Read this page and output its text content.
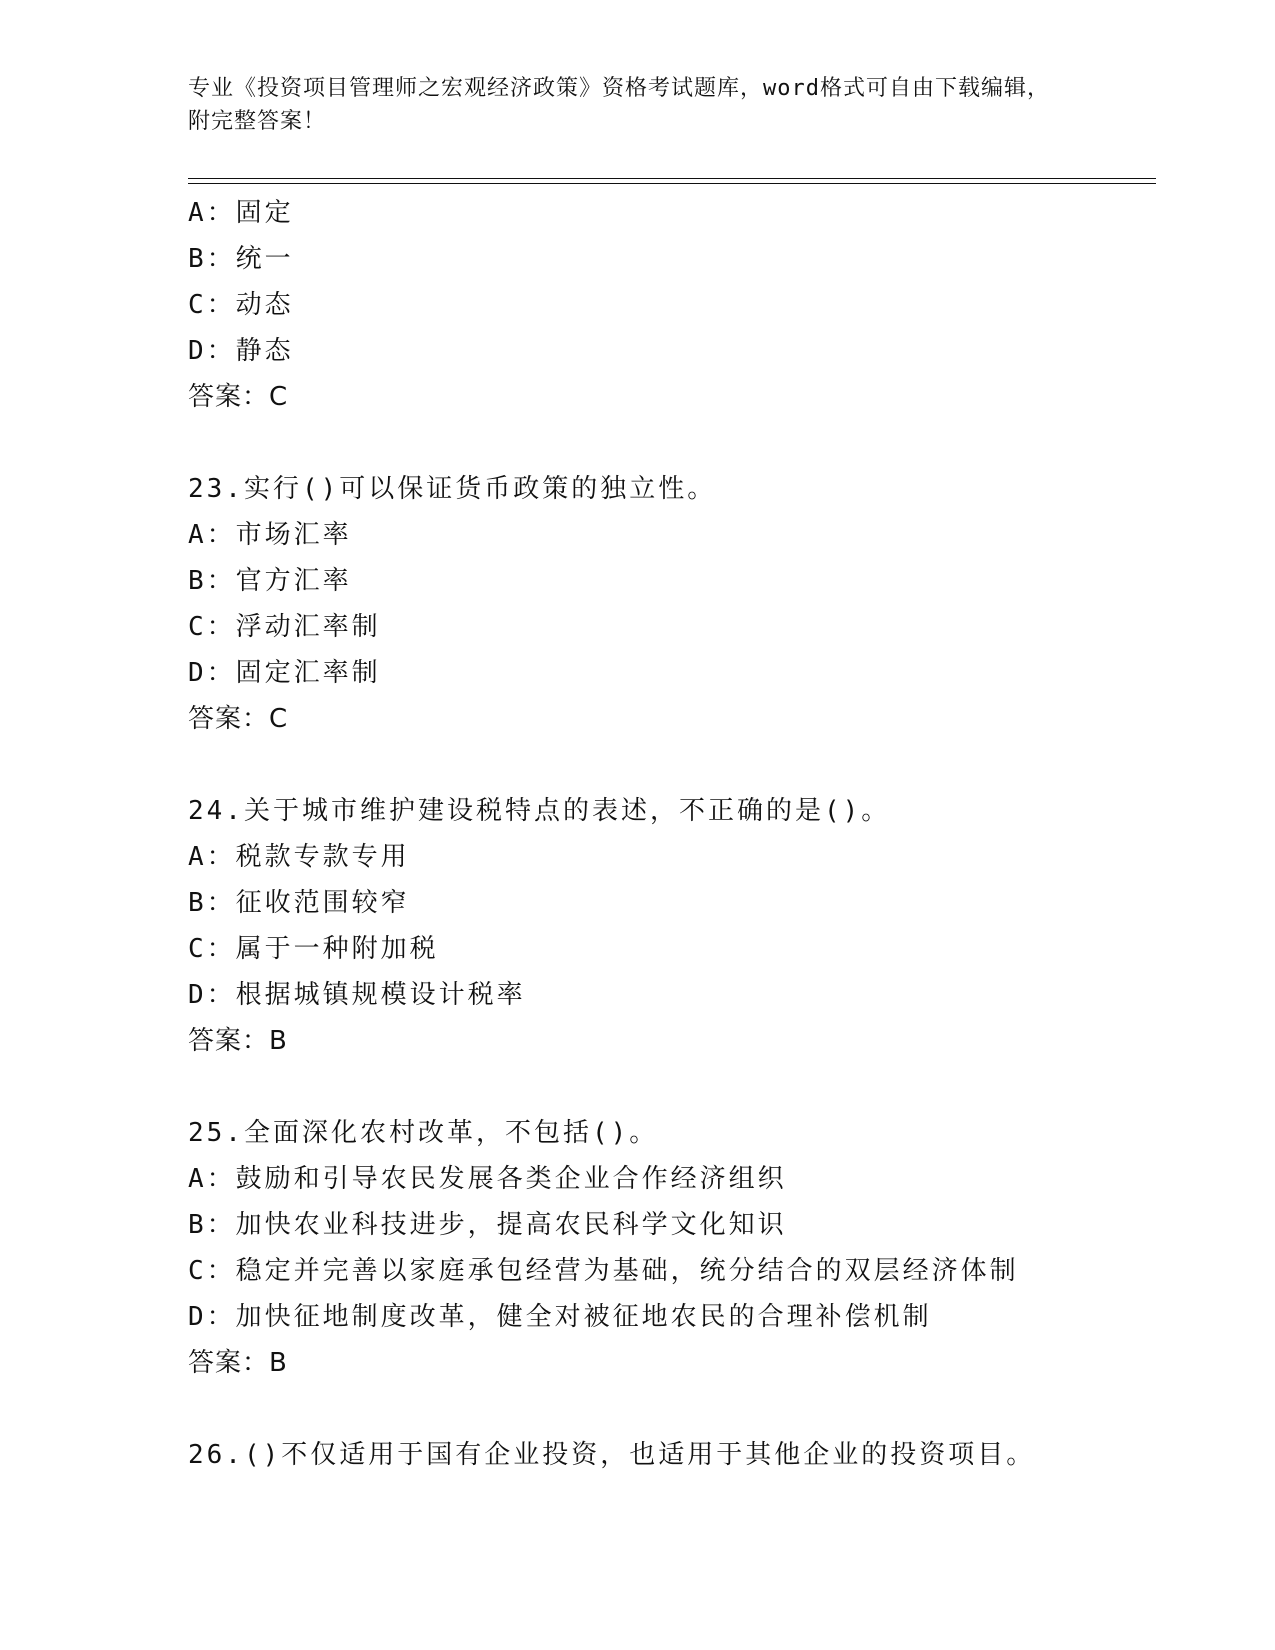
专业《投资项目管理师之宏观经济政策》资格考试题库，word格式可自由下载编辑，附完整答案！
A：固定
B：统一
C：动态
D：静态
答案：C
23.实行()可以保证货币政策的独立性。
A：市场汇率
B：官方汇率
C：浮动汇率制
D：固定汇率制
答案：C
24.关于城市维护建设税特点的表述，不正确的是()。
A：税款专款专用
B：征收范围较窄
C：属于一种附加税
D：根据城镇规模设计税率
答案：B
25.全面深化农村改革，不包括()。
A：鼓励和引导农民发展各类企业合作经济组织
B：加快农业科技进步，提高农民科学文化知识
C：稳定并完善以家庭承包经营为基础，统分结合的双层经济体制
D：加快征地制度改革，健全对被征地农民的合理补偿机制
答案：B
26.()不仅适用于国有企业投资，也适用于其他企业的投资项目。
